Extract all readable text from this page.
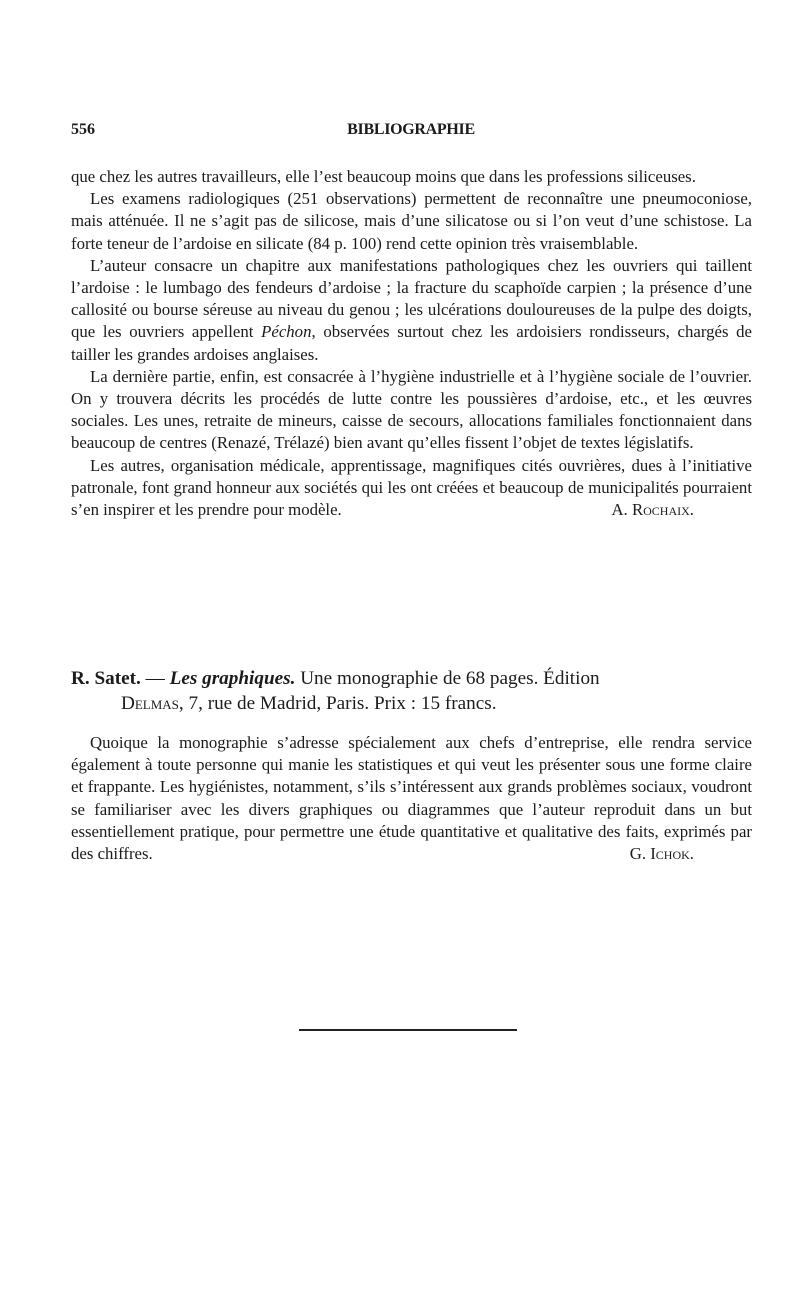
556	BIBLIOGRAPHIE

que chez les autres travailleurs, elle l’est beaucoup moins que dans les professions siliceuses.

Les examens radiologiques (251 observations) permettent de reconnaître une pneumoconiose, mais atténuée. Il ne s’agit pas de silicose, mais d’une silicatose ou si l’on veut d’une schistose. La forte teneur de l’ardoise en silicate (84 p. 100) rend cette opinion très vraisemblable.

L’auteur consacre un chapitre aux manifestations pathologiques chez les ouvriers qui taillent l’ardoise : le lumbago des fendeurs d’ardoise ; la fracture du scaphoïde carpien ; la présence d’une callosité ou bourse séreuse au niveau du genou ; les ulcérations douloureuses de la pulpe des doigts, que les ouvriers appellent Péchon, observées surtout chez les ardoisiers rondisseurs, chargés de tailler les grandes ardoises anglaises.

La dernière partie, enfin, est consacrée à l’hygiène industrielle et à l’hygiène sociale de l’ouvrier. On y trouvera décrits les procédés de lutte contre les poussières d’ardoise, etc., et les œuvres sociales. Les unes, retraite de mineurs, caisse de secours, allocations familiales fonctionnaient dans beaucoup de centres (Renazé, Trélazé) bien avant qu’elles fissent l’objet de textes législatifs.

Les autres, organisation médicale, apprentissage, magnifiques cités ouvrières, dues à l’initiative patronale, font grand honneur aux sociétés qui les ont créées et beaucoup de municipalités pourraient s’en inspirer et les prendre pour modèle.	A. Rochaix.
R. Satet. — Les graphiques. Une monographie de 68 pages. Édition
Delmas, 7, rue de Madrid, Paris. Prix : 15 francs.

Quoique la monographie s’adresse spécialement aux chefs d’entreprise, elle rendra service également à toute personne qui manie les statistiques et qui veut les présenter sous une forme claire et frappante. Les hygiénistes, notamment, s’ils s’intéressent aux grands problèmes sociaux, voudront se familiariser avec les divers graphiques ou diagrammes que l’auteur reproduit dans un but essentiellement pratique, pour permettre une étude quantitative et qualitative des faits, exprimés par des chiffres.	G. Ichok.
